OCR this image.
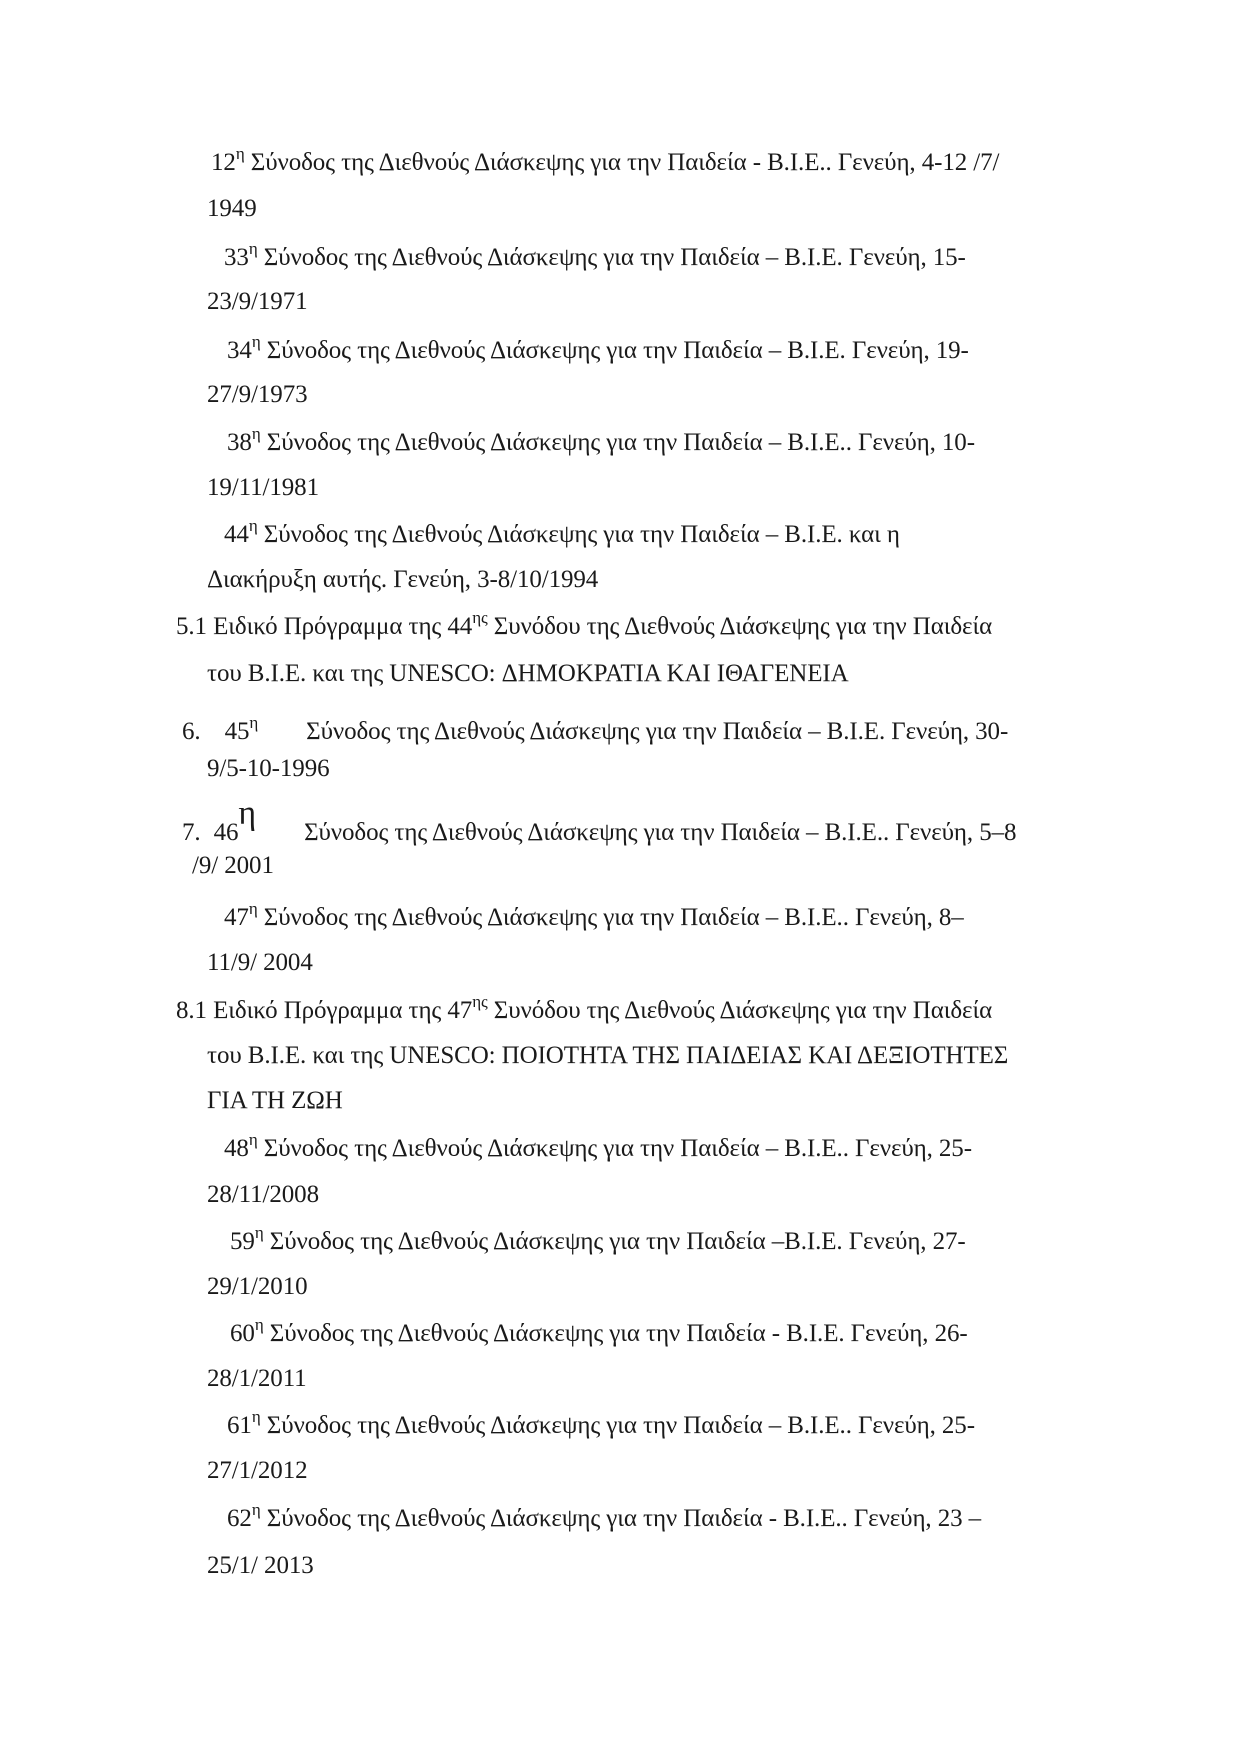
$12^\eta$ Σύνοδος της Διεθνούς Διάσκεψης για την Παιδεία - Β.Ι.Ε.. Γενεύη, 4-12 /7/
1949
$33^\eta$ Σύνοδος της Διεθνούς Διάσκεψης για την Παιδεία – Β.Ι.Ε. Γενεύη, 15-
23/9/1971
$34^\eta$ Σύνοδος της Διεθνούς Διάσκεψης για την Παιδεία – Β.Ι.Ε. Γενεύη, 19-
27/9/1973
$38^\eta$ Σύνοδος της Διεθνούς Διάσκεψης για την Παιδεία – Β.Ι.Ε.. Γενεύη, 10-
19/11/1981
$44^\eta$ Σύνοδος της Διεθνούς Διάσκεψης για την Παιδεία – Β.Ι.Ε. και η
Διακήρυξη αυτής. Γενεύη, 3-8/10/1994
5.1 Ειδικό Πρόγραμμα της $44^{\eta\varsigma}$ Συνόδου της Διεθνούς Διάσκεψης για την Παιδεία
του Β.Ι.Ε. και της UNESCO: ΔΗΜΟΚΡΑΤΙΑ ΚΑΙ ΙΘΑΓΕΝΕΙΑ
6. $45^\eta$ Σύνοδος της Διεθνούς Διάσκεψης για την Παιδεία – Β.Ι.Ε. Γενεύη, 30-
9/5-10-1996
7. $46^\eta\Sigma ύ\nu o\delta o\varsigma$ της Διεθνούς Διάσκεψης για την Παιδεία – Β.Ι.Ε.. Γενεύη, 5–8
/9/ 2001
$47^\eta$ Σύνοδος της Διεθνούς Διάσκεψης για την Παιδεία – Β.Ι.Ε.. Γενεύη, 8–
11/9/ 2004
8.1 Ειδικό Πρόγραμμα της $47^{\eta\varsigma}$ Συνόδου της Διεθνούς Διάσκεψης για την Παιδεία
του Β.Ι.Ε. και της UNESCO: ΠΟΙΟΤΗΤΑ ΤΗΣ ΠΑΙΔΕΙΑΣ ΚΑΙ ΔΕΞΙΟΤΗΤΕΣ
ΓΙΑ ΤΗ ΖΩΗ
$48^\eta$ Σύνοδος της Διεθνούς Διάσκεψης για την Παιδεία – Β.Ι.Ε.. Γενεύη, 25-
28/11/2008
$59^\eta$ Σύνοδος της Διεθνούς Διάσκεψης για την Παιδεία –Β.Ι.Ε. Γενεύη, 27-
29/1/2010
$60^\eta$ Σύνοδος της Διεθνούς Διάσκεψης για την Παιδεία - Β.Ι.Ε. Γενεύη, 26-
28/1/2011
$61^\eta$ Σύνοδος της Διεθνούς Διάσκεψης για την Παιδεία – Β.Ι.Ε.. Γενεύη, 25-
27/1/2012
$62^\eta$ Σύνοδος της Διεθνούς Διάσκεψης για την Παιδεία - Β.Ι.Ε.. Γενεύη, 23 –
25/1/ 2013
